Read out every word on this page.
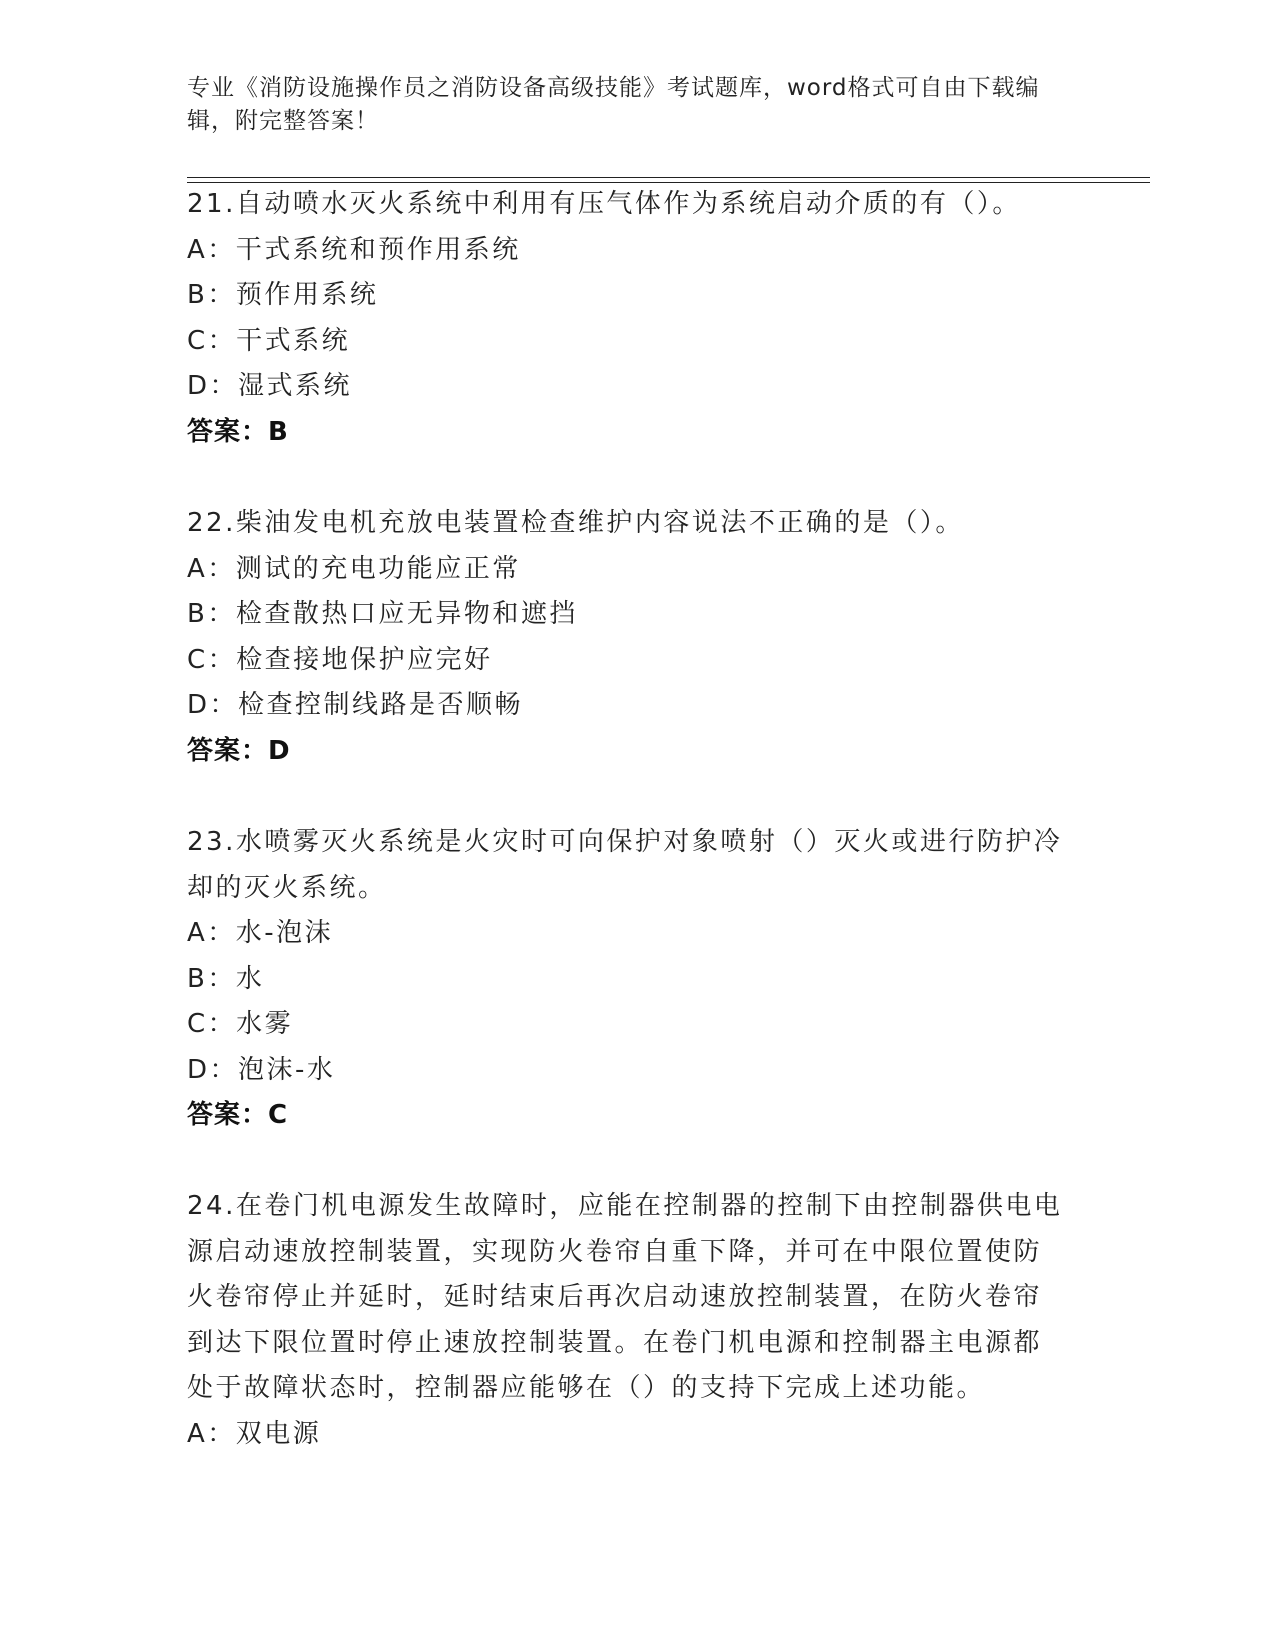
专业《消防设施操作员之消防设备高级技能》考试题库，word格式可自由下载编
辑，附完整答案！
21.自动喷水灭火系统中利用有压气体作为系统启动介质的有（）。
A：干式系统和预作用系统
B：预作用系统
C：干式系统
D：湿式系统
答案：B
22.柴油发电机充放电装置检查维护内容说法不正确的是（）。
A：测试的充电功能应正常
B：检查散热口应无异物和遮挡
C：检查接地保护应完好
D：检查控制线路是否顺畅
答案：D
23.水喷雾灭火系统是火灾时可向保护对象喷射（）灭火或进行防护冷
却的灭火系统。
A：水-泡沫
B：水
C：水雾
D：泡沫-水
答案：C
24.在卷门机电源发生故障时，应能在控制器的控制下由控制器供电电
源启动速放控制装置，实现防火卷帘自重下降，并可在中限位置使防
火卷帘停止并延时，延时结束后再次启动速放控制装置，在防火卷帘
到达下限位置时停止速放控制装置。在卷门机电源和控制器主电源都
处于故障状态时，控制器应能够在（）的支持下完成上述功能。
A：双电源
